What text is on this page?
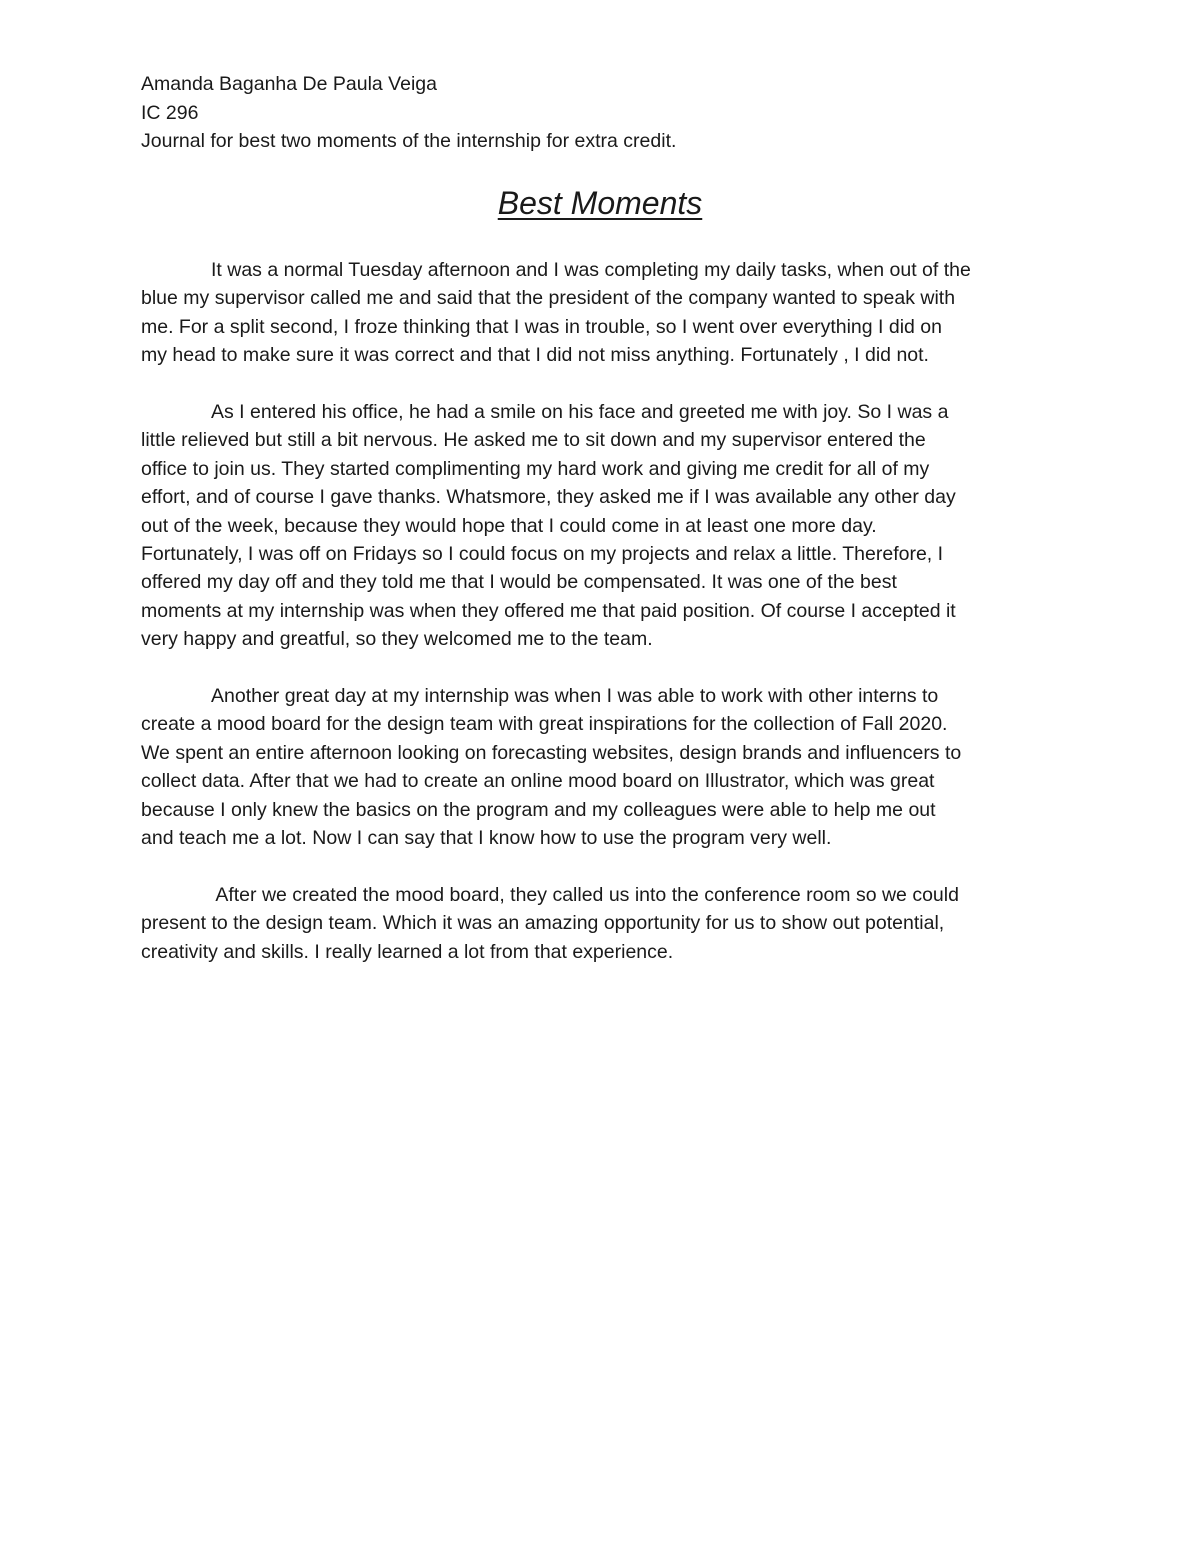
Amanda Baganha De Paula Veiga
IC 296
Journal for best two moments of the internship for extra credit.
Best Moments

It was a normal Tuesday afternoon and I was completing my daily tasks, when out of the
blue my supervisor called me and said that the president of the company wanted to speak with
me. For a split second, I froze thinking that I was in trouble, so I went over everything I did on
my head to make sure it was correct and that I did not miss anything. Fortunately , I did not.

As I entered his office, he had a smile on his face and greeted me with joy. So I was a
little relieved but still a bit nervous. He asked me to sit down and my supervisor entered the
office to join us. They started complimenting my hard work and giving me credit for all of my
effort, and of course I gave thanks. Whatsmore, they asked me if I was available any other day
out of the week, because they would hope that I could come in at least one more day.
Fortunately, I was off on Fridays so I could focus on my projects and relax a little. Therefore, I
offered my day off and they told me that I would be compensated. It was one of the best
moments at my internship was when they offered me that paid position. Of course I accepted it
very happy and greatful, so they welcomed me to the team.

Another great day at my internship was when I was able to work with other interns to
create a mood board for the design team with great inspirations for the collection of Fall 2020.
We spent an entire afternoon looking on forecasting websites, design brands and influencers to
collect data. After that we had to create an online mood board on Illustrator, which was great
because I only knew the basics on the program and my colleagues were able to help me out
and teach me a lot. Now I can say that I know how to use the program very well.

After we created the mood board, they called us into the conference room so we could
present to the design team. Which it was an amazing opportunity for us to show out potential,
creativity and skills. I really learned a lot from that experience.
